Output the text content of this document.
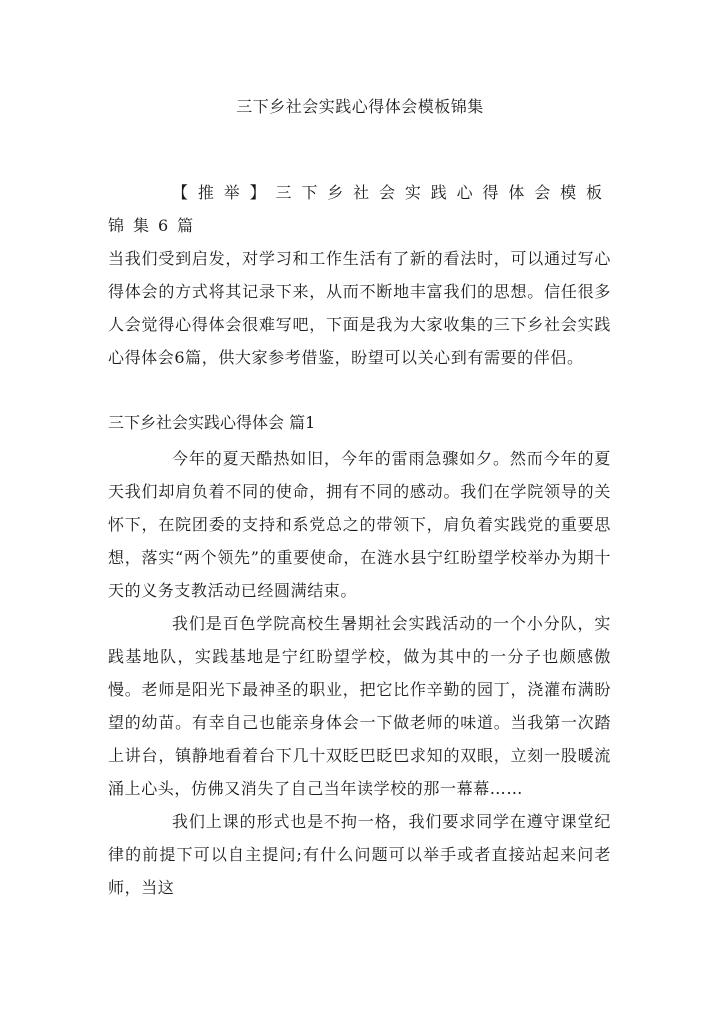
三下乡社会实践心得体会模板锦集

【推举】三下乡社会实践心得体会模板锦集6篇

当我们受到启发，对学习和工作生活有了新的看法时，可以通过写心得体会的方式将其记录下来，从而不断地丰富我们的思想。信任很多人会觉得心得体会很难写吧，下面是我为大家收集的三下乡社会实践心得体会6篇，供大家参考借鉴，盼望可以关心到有需要的伴侣。

三下乡社会实践心得体会 篇1

今年的夏天酷热如旧，今年的雷雨急骤如夕。然而今年的夏天我们却肩负着不同的使命，拥有不同的感动。我们在学院领导的关怀下，在院团委的支持和系党总之的带领下，肩负着实践党的重要思想，落实“两个领先”的重要使命，在涟水县宁红盼望学校举办为期十天的义务支教活动已经圆满结束。

我们是百色学院高校生暑期社会实践活动的一个小分队，实践基地队，实践基地是宁红盼望学校，做为其中的一分子也颇感傲慢。老师是阳光下最神圣的职业，把它比作辛勤的园丁，浇灌布满盼望的幼苗。有幸自己也能亲身体会一下做老师的味道。当我第一次踏上讲台，镇静地看着台下几十双眨巴眨巴求知的双眼，立刻一股暖流涌上心头，仿佛又消失了自己当年读学校的那一幕幕……

我们上课的形式也是不拘一格，我们要求同学在遵守课堂纪律的前提下可以自主提问;有什么问题可以举手或者直接站起来问老师，当这
